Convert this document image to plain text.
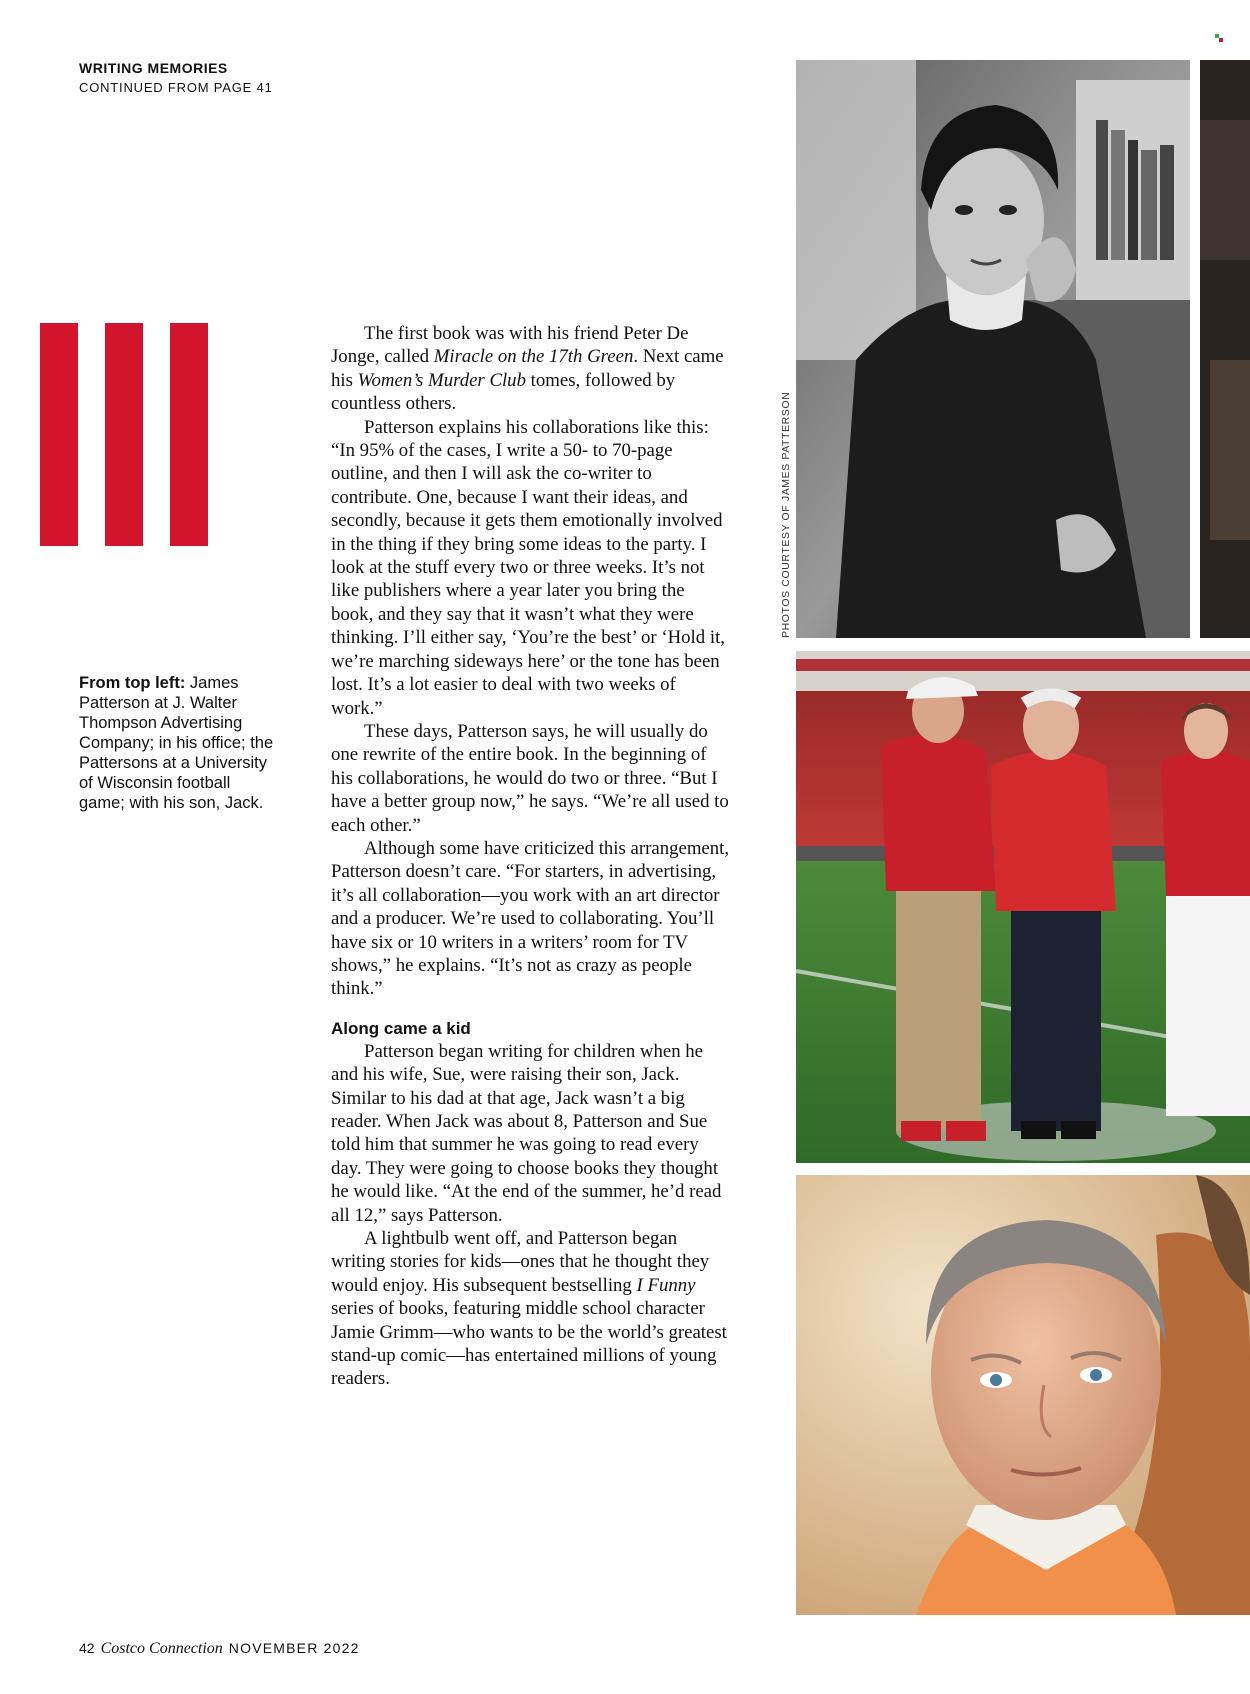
WRITING MEMORIES
CONTINUED FROM PAGE 41
From top left: James Patterson at J. Walter Thompson Advertising Company; in his office; the Pattersons at a University of Wisconsin football game; with his son, Jack.

The first book was with his friend Peter De Jonge, called Miracle on the 17th Green. Next came his Women’s Murder Club tomes, followed by countless others.

Patterson explains his collaborations like this: “In 95% of the cases, I write a 50- to 70-page outline, and then I will ask the co-writer to contribute. One, because I want their ideas, and secondly, because it gets them emotionally involved in the thing if they bring some ideas to the party. I look at the stuff every two or three weeks. It’s not like publishers where a year later you bring the book, and they say that it wasn’t what they were thinking. I’ll either say, ‘You’re the best’ or ‘Hold it, we’re marching sideways here’ or the tone has been lost. It’s a lot easier to deal with two weeks of work.”

These days, Patterson says, he will usually do one rewrite of the entire book. In the beginning of his collaborations, he would do two or three. “But I have a better group now,” he says. “We’re all used to each other.”

Although some have criticized this arrangement, Patterson doesn’t care. “For starters, in advertising, it’s all collaboration—you work with an art director and a producer. We’re used to collaborating. You’ll have six or 10 writers in a writers’ room for TV shows,” he explains. “It’s not as crazy as people think.”

Along came a kid

Patterson began writing for children when he and his wife, Sue, were raising their son, Jack. Similar to his dad at that age, Jack wasn’t a big reader. When Jack was about 8, Patterson and Sue told him that summer he was going to read every day. They were going to choose books they thought he would like. “At the end of the summer, he’d read all 12,” says Patterson.

A lightbulb went off, and Patterson began writing stories for kids—ones that he thought they would enjoy. His subsequent bestselling I Funny series of books, featuring middle school character Jamie Grimm—who wants to be the world’s greatest stand-up comic—has entertained millions of young readers.

PHOTOS COURTESY OF JAMES PATTERSON
42 Costco Connection NOVEMBER 2022
